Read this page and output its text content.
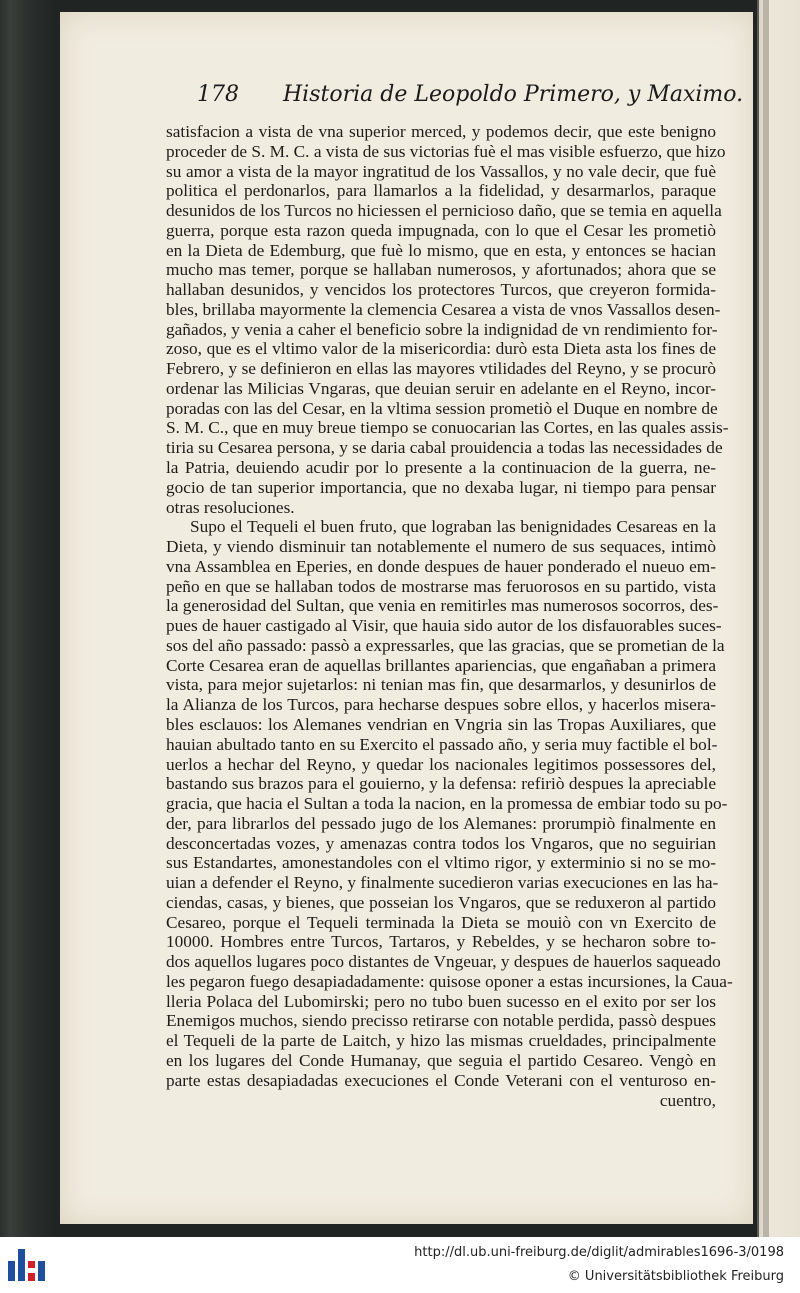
178 Historia de Leopoldo Primero, y Maximo.
satisfacion a vista de vna superior merced, y podemos decir, que este benigno
proceder de S. M. C. a vista de sus victorias fuè el mas visible esfuerzo, que hizo
su amor a vista de la mayor ingratitud de los Vassallos, y no vale decir, que fuè
politica el perdonarlos, para llamarlos a la fidelidad, y desarmarlos, paraque
desunidos de los Turcos no hiciessen el pernicioso daño, que se temia en aquella
guerra, porque esta razon queda impugnada, con lo que el Cesar les prometiò
en la Dieta de Edemburg, que fuè lo mismo, que en esta, y entonces se hacian
mucho mas temer, porque se hallaban numerosos, y afortunados; ahora que se
hallaban desunidos, y vencidos los protectores Turcos, que creyeron formida-
bles, brillaba mayormente la clemencia Cesarea a vista de vnos Vassallos desen-
gañados, y venia a caher el beneficio sobre la indignidad de vn rendimiento for-
zoso, que es el vltimo valor de la misericordia: durò esta Dieta asta los fines de
Febrero, y se definieron en ellas las mayores vtilidades del Reyno, y se procurò
ordenar las Milicias Vngaras, que deuian seruir en adelante en el Reyno, incor-
poradas con las del Cesar, en la vltima session prometiò el Duque en nombre de
S. M. C., que en muy breue tiempo se conuocarian las Cortes, en las quales assis-
tiria su Cesarea persona, y se daria cabal prouidencia a todas las necessidades de
la Patria, deuiendo acudir por lo presente a la continuacion de la guerra, ne-
gocio de tan superior importancia, que no dexaba lugar, ni tiempo para pensar
otras resoluciones.
Supo el Tequeli el buen fruto, que lograban las benignidades Cesareas en la
Dieta, y viendo disminuir tan notablemente el numero de sus sequaces, intimò
vna Assamblea en Eperies, en donde despues de hauer ponderado el nueuo em-
peño en que se hallaban todos de mostrarse mas feruorosos en su partido, vista
la generosidad del Sultan, que venia en remitirles mas numerosos socorros, des-
pues de hauer castigado al Visir, que hauia sido autor de los disfauorables suces-
sos del año passado: passò a expressarles, que las gracias, que se prometian de la
Corte Cesarea eran de aquellas brillantes apariencias, que engañaban a primera
vista, para mejor sujetarlos: ni tenian mas fin, que desarmarlos, y desunirlos de
la Alianza de los Turcos, para hecharse despues sobre ellos, y hacerlos misera-
bles esclauos: los Alemanes vendrian en Vngria sin las Tropas Auxiliares, que
hauian abultado tanto en su Exercito el passado año, y seria muy factible el bol-
uerlos a hechar del Reyno, y quedar los nacionales legitimos possessores del,
bastando sus brazos para el gouierno, y la defensa: refiriò despues la apreciable
gracia, que hacia el Sultan a toda la nacion, en la promessa de embiar todo su po-
der, para librarlos del pessado jugo de los Alemanes: prorumpiò finalmente en
desconcertadas vozes, y amenazas contra todos los Vngaros, que no seguirian
sus Estandartes, amonestandoles con el vltimo rigor, y exterminio si no se mo-
uian a defender el Reyno, y finalmente sucedieron varias execuciones en las ha-
ciendas, casas, y bienes, que posseian los Vngaros, que se reduxeron al partido
Cesareo, porque el Tequeli terminada la Dieta se mouiò con vn Exercito de
10000. Hombres entre Turcos, Tartaros, y Rebeldes, y se hecharon sobre to-
dos aquellos lugares poco distantes de Vngeuar, y despues de hauerlos saqueado
les pegaron fuego desapiadadamente: quisose oponer a estas incursiones, la Caua-
lleria Polaca del Lubomirski; pero no tubo buen sucesso en el exito por ser los
Enemigos muchos, siendo precisso retirarse con notable perdida, passò despues
el Tequeli de la parte de Laitch, y hizo las mismas crueldades, principalmente
en los lugares del Conde Humanay, que seguia el partido Cesareo. Vengò en
parte estas desapiadadas execuciones el Conde Veterani con el venturoso en-
cuentro,
http://dl.ub.uni-freiburg.de/diglit/admirables1696-3/0198
© Universitätsbibliothek Freiburg
